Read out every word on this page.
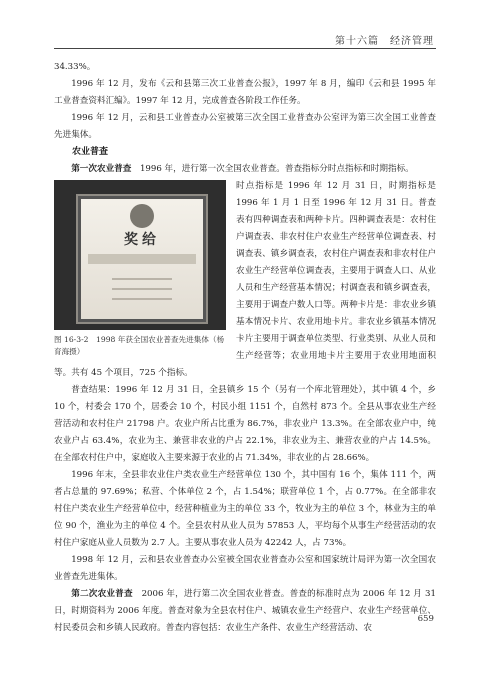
第十六篇　经济管理

34.33%。

1996 年 12 月，发布《云和县第三次工业普查公报》，1997 年 8 月，编印《云和县 1995 年工业普查资料汇编》。1997 年 12 月，完成普查各阶段工作任务。

1996 年 12 月，云和县工业普查办公室被第三次全国工业普查办公室评为第三次全国工业普查先进集体。

农业普查

第一次农业普查　1996 年，进行第一次全国农业普查。普查指标分时点指标和时期指标。

奖给
图 16-3-2　1998 年获全国农业普查先进集体（杨育海摄）

时点指标是 1996 年 12 月 31 日，时期指标是 1996 年 1 月 1 日至 1996 年 12 月 31 日。普查表有四种调查表和两种卡片。四种调查表是：农村住户调查表、非农村住户农业生产经营单位调查表、村调查表、镇乡调查表，农村住户调查表和非农村住户农业生产经营单位调查表，主要用于调查人口、从业人员和生产经营基本情况；村调查表和镇乡调查表，主要用于调查户数人口等。两种卡片是：非农业乡镇基本情况卡片、农业用地卡片。非农业乡镇基本情况卡片主要用于调查单位类型、行业类别、从业人员和生产经营等；农业用地卡片主要用于农业用地面积等。共有 45 个项目，725 个指标。

普查结果：1996 年 12 月 31 日，全县镇乡 15 个（另有一个库北管理处），其中镇 4 个，乡 10 个，村委会 170 个，居委会 10 个，村民小组 1151 个，自然村 873 个。全县从事农业生产经营活动和农村住户 21798 户。农业户所占比重为 86.7%，非农业户 13.3%。在全部农业户中，纯农业户占 63.4%，农业为主、兼营非农业的户占 22.1%，非农业为主、兼营农业的户占 14.5%。在全部农村住户中，家庭收入主要来源于农业的占 71.34%，非农业的占 28.66%。

1996 年末，全县非农业住户类农业生产经营单位 130 个，其中国有 16 个，集体 111 个，两者占总量的 97.69%；私营、个体单位 2 个，占 1.54%；联营单位 1 个，占 0.77%。在全部非农村住户类农业生产经营单位中，经营种植业为主的单位 33 个，牧业为主的单位 3 个，林业为主的单位 90 个，渔业为主的单位 4 个。全县农村从业人员为 57853 人，平均每个从事生产经营活动的农村住户家庭从业人员数为 2.7 人。主要从事农业人员为 42242 人，占 73%。

1998 年 12 月，云和县农业普查办公室被全国农业普查办公室和国家统计局评为第一次全国农业普查先进集体。

第二次农业普查　2006 年，进行第二次全国农业普查。普查的标准时点为 2006 年 12 月 31 日，时期资料为 2006 年度。普查对象为全县农村住户、城镇农业生产经营户、农业生产经营单位、村民委员会和乡镇人民政府。普查内容包括：农业生产条件、农业生产经营活动、农

659
